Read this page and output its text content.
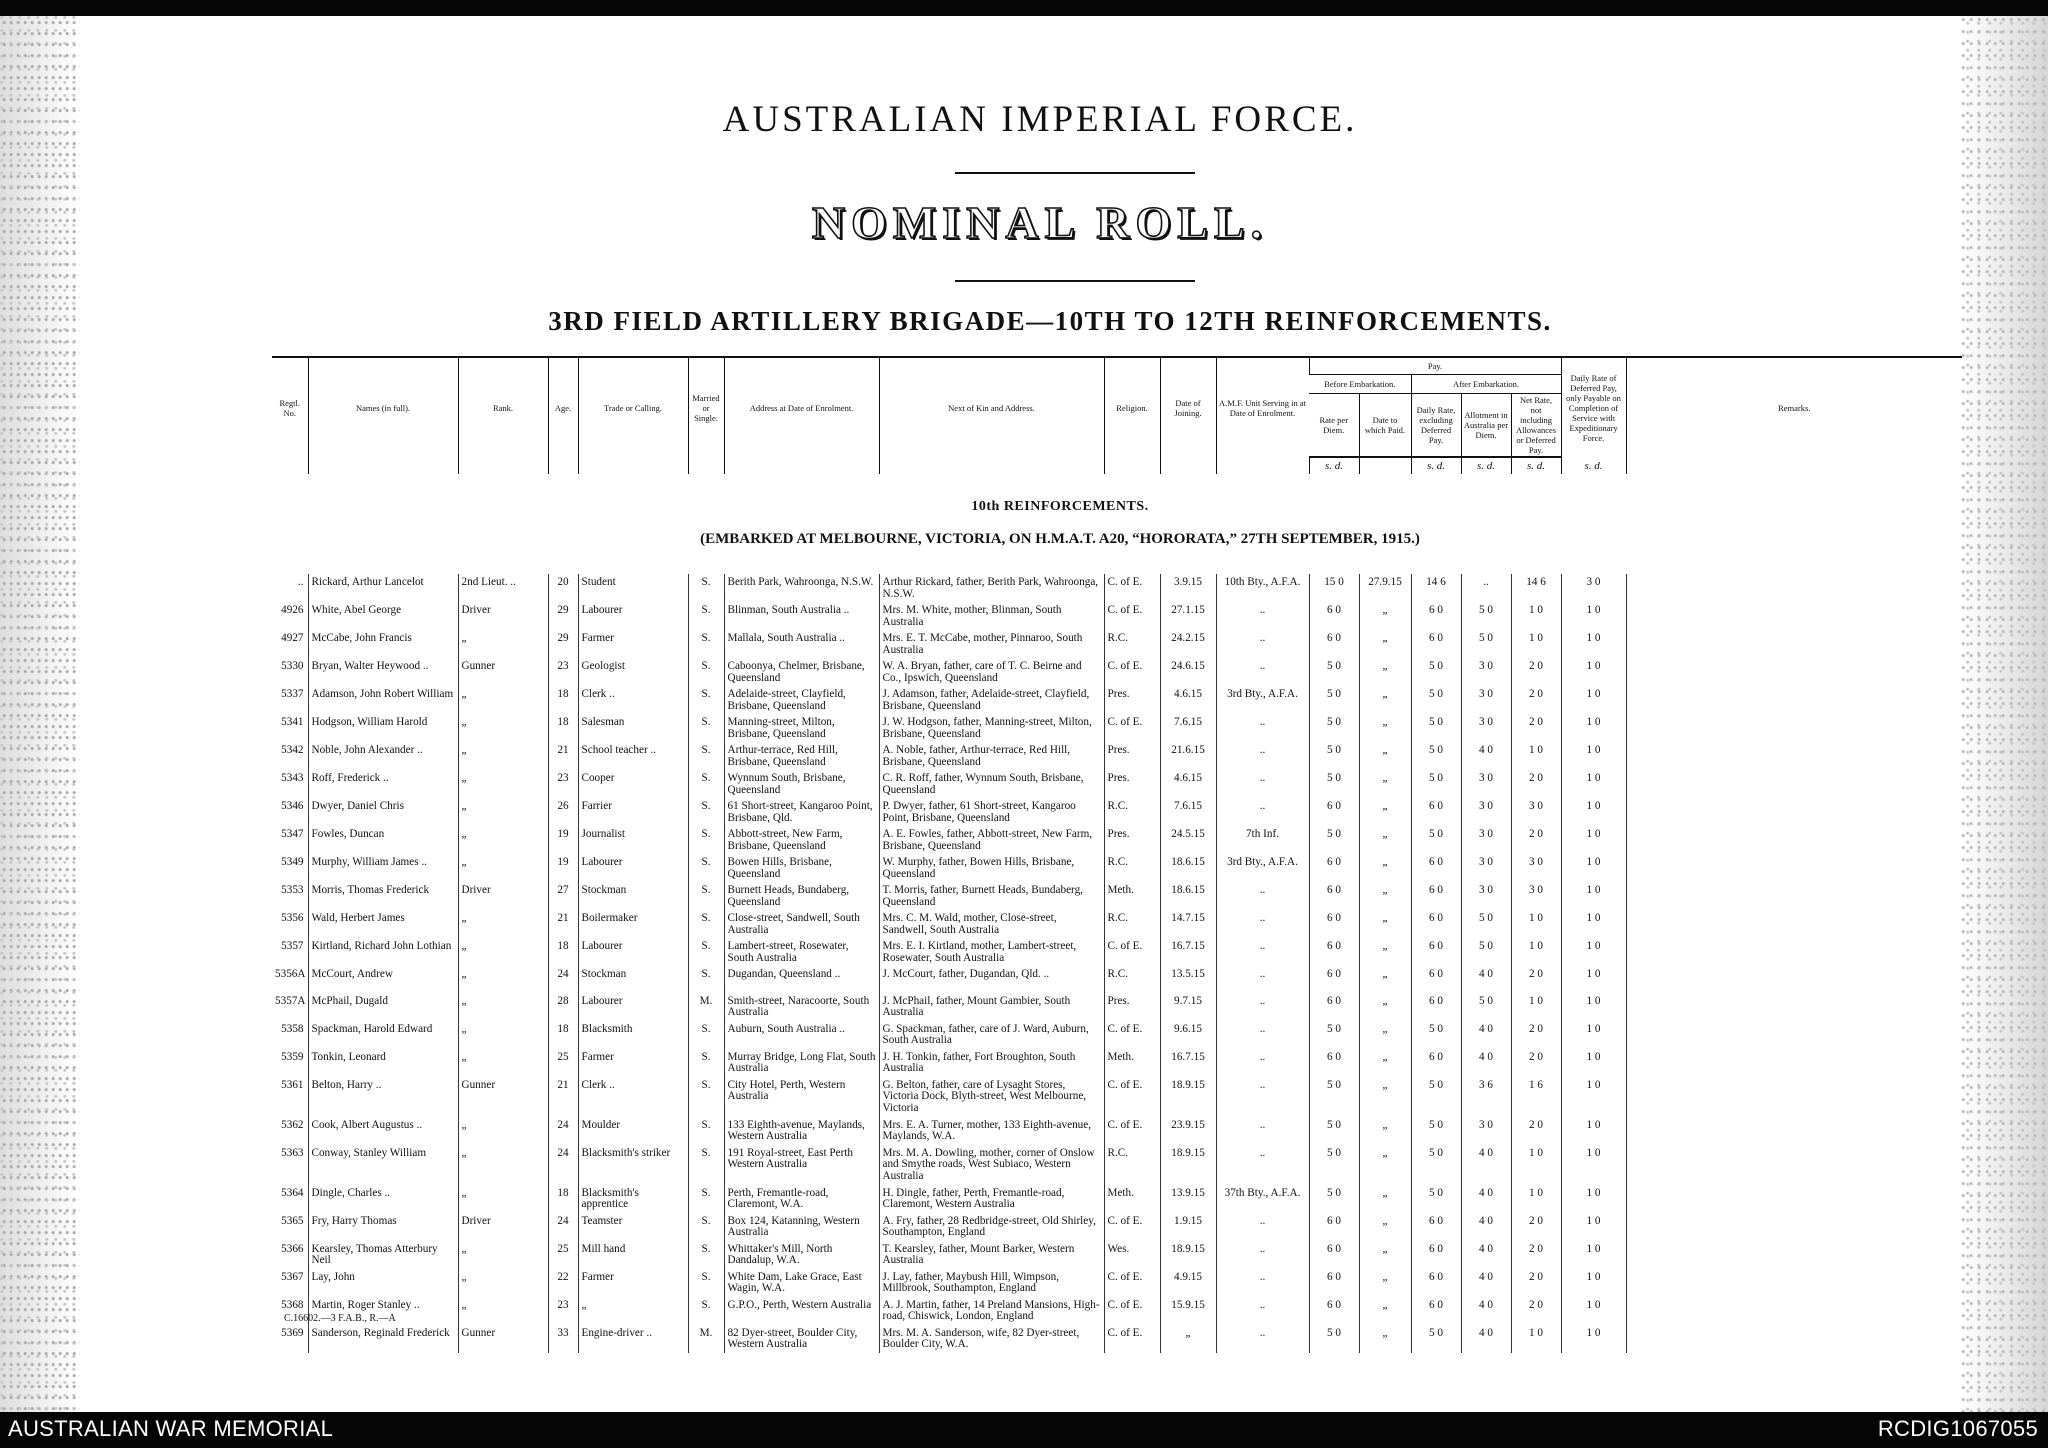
AUSTRALIAN IMPERIAL FORCE.
NOMINAL ROLL.
3RD FIELD ARTILLERY BRIGADE—10TH TO 12TH REINFORCEMENTS.
Regtl. No.	Names (in full).	Rank.	Age.	Trade or Calling.	Married or Single.	Address at Date of Enrolment.	Next of Kin and Address.	Religion.	Date of Joining.	A.M.F. Unit Serving in at Date of Enrolment.	Pay.					Daily Rate of Deferred Pay, only Payable on Completion of Service with Expeditionary Force.	Remarks.
											Before Embarkation.		After Embarkation.				
											Rate per Diem.	Date to which Paid.	Daily Rate, excluding Deferred Pay.	Allotment in Australia per Diem.	Net Rate, not including Allowances or Deferred Pay.		
											s. d.		s. d.	s. d.	s. d.	s. d.	

..	Rickard, Arthur Lancelot	2nd Lieut. ..	20	Student	S.	Berith Park, Wahroonga, N.S.W.	Arthur Rickard, father, Berith Park, Wahroonga, N.S.W.	C. of E.	3.9.15	10th Bty., A.F.A.	15 0	27.9.15	14 6	..	14 6	3 0	
4926	White, Abel George	Driver	29	Labourer	S.	Blinman, South Australia ..	Mrs. M. White, mother, Blinman, South Australia	C. of E.	27.1.15	..	6 0	„	6 0	5 0	1 0	1 0	
4927	McCabe, John Francis	„	29	Farmer	S.	Mallala, South Australia ..	Mrs. E. T. McCabe, mother, Pinnaroo, South Australia	R.C.	24.2.15	..	6 0	„	6 0	5 0	1 0	1 0	
5330	Bryan, Walter Heywood ..	Gunner	23	Geologist	S.	Caboonya, Chelmer, Brisbane, Queensland	W. A. Bryan, father, care of T. C. Beirne and Co., Ipswich, Queensland	C. of E.	24.6.15	..	5 0	„	5 0	3 0	2 0	1 0	
5337	Adamson, John Robert William	„	18	Clerk ..	S.	Adelaide-street, Clayfield, Brisbane, Queensland	J. Adamson, father, Adelaide-street, Clayfield, Brisbane, Queensland	Pres.	4.6.15	3rd Bty., A.F.A.	5 0	„	5 0	3 0	2 0	1 0	
5341	Hodgson, William Harold	„	18	Salesman	S.	Manning-street, Milton, Brisbane, Queensland	J. W. Hodgson, father, Manning-street, Milton, Brisbane, Queensland	C. of E.	7.6.15	..	5 0	„	5 0	3 0	2 0	1 0	
5342	Noble, John Alexander ..	„	21	School teacher ..	S.	Arthur-terrace, Red Hill, Brisbane, Queensland	A. Noble, father, Arthur-terrace, Red Hill, Brisbane, Queensland	Pres.	21.6.15	..	5 0	„	5 0	4 0	1 0	1 0	
5343	Roff, Frederick ..	„	23	Cooper	S.	Wynnum South, Brisbane, Queensland	C. R. Roff, father, Wynnum South, Brisbane, Queensland	Pres.	4.6.15	..	5 0	„	5 0	3 0	2 0	1 0	
5346	Dwyer, Daniel Chris	„	26	Farrier	S.	61 Short-street, Kangaroo Point, Brisbane, Qld.	P. Dwyer, father, 61 Short-street, Kangaroo Point, Brisbane, Queensland	R.C.	7.6.15	..	6 0	„	6 0	3 0	3 0	1 0	
5347	Fowles, Duncan	„	19	Journalist	S.	Abbott-street, New Farm, Brisbane, Queensland	A. E. Fowles, father, Abbott-street, New Farm, Brisbane, Queensland	Pres.	24.5.15	7th Inf.	5 0	„	5 0	3 0	2 0	1 0	
5349	Murphy, William James ..	„	19	Labourer	S.	Bowen Hills, Brisbane, Queensland	W. Murphy, father, Bowen Hills, Brisbane, Queensland	R.C.	18.6.15	3rd Bty., A.F.A.	6 0	„	6 0	3 0	3 0	1 0	
5353	Morris, Thomas Frederick	Driver	27	Stockman	S.	Burnett Heads, Bundaberg, Queensland	T. Morris, father, Burnett Heads, Bundaberg, Queensland	Meth.	18.6.15	..	6 0	„	6 0	3 0	3 0	1 0	
5356	Wald, Herbert James	„	21	Boilermaker	S.	Close-street, Sandwell, South Australia	Mrs. C. M. Wald, mother, Close-street, Sandwell, South Australia	R.C.	14.7.15	..	6 0	„	6 0	5 0	1 0	1 0	
5357	Kirtland, Richard John Lothian	„	18	Labourer	S.	Lambert-street, Rosewater, South Australia	Mrs. E. I. Kirtland, mother, Lambert-street, Rosewater, South Australia	C. of E.	16.7.15	..	6 0	„	6 0	5 0	1 0	1 0	
5356A	McCourt, Andrew	„	24	Stockman	S.	Dugandan, Queensland ..	J. McCourt, father, Dugandan, Qld. ..	R.C.	13.5.15	..	6 0	„	6 0	4 0	2 0	1 0	
5357A	McPhail, Dugald	„	28	Labourer	M.	Smith-street, Naracoorte, South Australia	J. McPhail, father, Mount Gambier, South Australia	Pres.	9.7.15	..	6 0	„	6 0	5 0	1 0	1 0	
5358	Spackman, Harold Edward	„	18	Blacksmith	S.	Auburn, South Australia ..	G. Spackman, father, care of J. Ward, Auburn, South Australia	C. of E.	9.6.15	..	5 0	„	5 0	4 0	2 0	1 0	
5359	Tonkin, Leonard	„	25	Farmer	S.	Murray Bridge, Long Flat, South Australia	J. H. Tonkin, father, Fort Broughton, South Australia	Meth.	16.7.15	..	6 0	„	6 0	4 0	2 0	1 0	
5361	Belton, Harry ..	Gunner	21	Clerk ..	S.	City Hotel, Perth, Western Australia	G. Belton, father, care of Lysaght Stores, Victoria Dock, Blyth-street, West Melbourne, Victoria	C. of E.	18.9.15	..	5 0	„	5 0	3 6	1 6	1 0	
5362	Cook, Albert Augustus ..	„	24	Moulder	S.	133 Eighth-avenue, Maylands, Western Australia	Mrs. E. A. Turner, mother, 133 Eighth-avenue, Maylands, W.A.	C. of E.	23.9.15	..	5 0	„	5 0	3 0	2 0	1 0	
5363	Conway, Stanley William	„	24	Blacksmith's striker	S.	191 Royal-street, East Perth Western Australia	Mrs. M. A. Dowling, mother, corner of Onslow and Smythe roads, West Subiaco, Western Australia	R.C.	18.9.15	..	5 0	„	5 0	4 0	1 0	1 0	
5364	Dingle, Charles ..	„	18	Blacksmith's apprentice	S.	Perth, Fremantle-road, Claremont, W.A.	H. Dingle, father, Perth, Fremantle-road, Claremont, Western Australia	Meth.	13.9.15	37th Bty., A.F.A.	5 0	„	5 0	4 0	1 0	1 0	
5365	Fry, Harry Thomas	Driver	24	Teamster	S.	Box 124, Katanning, Western Australia	A. Fry, father, 28 Redbridge-street, Old Shirley, Southampton, England	C. of E.	1.9.15	..	6 0	„	6 0	4 0	2 0	1 0	
5366	Kearsley, Thomas Atterbury Neil	„	25	Mill hand	S.	Whittaker's Mill, North Dandalup, W.A.	T. Kearsley, father, Mount Barker, Western Australia	Wes.	18.9.15	..	6 0	„	6 0	4 0	2 0	1 0	
5367	Lay, John	„	22	Farmer	S.	White Dam, Lake Grace, East Wagin, W.A.	J. Lay, father, Maybush Hill, Wimpson, Millbrook, Southampton, England	C. of E.	4.9.15	..	6 0	„	6 0	4 0	2 0	1 0	
5368	Martin, Roger Stanley ..	„	23	„	S.	G.P.O., Perth, Western Australia	A. J. Martin, father, 14 Preland Mansions, High-road, Chiswick, London, England	C. of E.	15.9.15	..	6 0	„	6 0	4 0	2 0	1 0	
5369	Sanderson, Reginald Frederick	Gunner	33	Engine-driver ..	M.	82 Dyer-street, Boulder City, Western Australia	Mrs. M. A. Sanderson, wife, 82 Dyer-street, Boulder City, W.A.	C. of E.	„	..	5 0	„	5 0	4 0	1 0	1 0	
10th REINFORCEMENTS.
(EMBARKED AT MELBOURNE, VICTORIA, ON H.M.A.T. A20, “HORORATA,” 27TH SEPTEMBER, 1915.)
C.16602.—3 F.A.B., R.—A
AUSTRALIAN WAR MEMORIAL	RCDIG1067055
